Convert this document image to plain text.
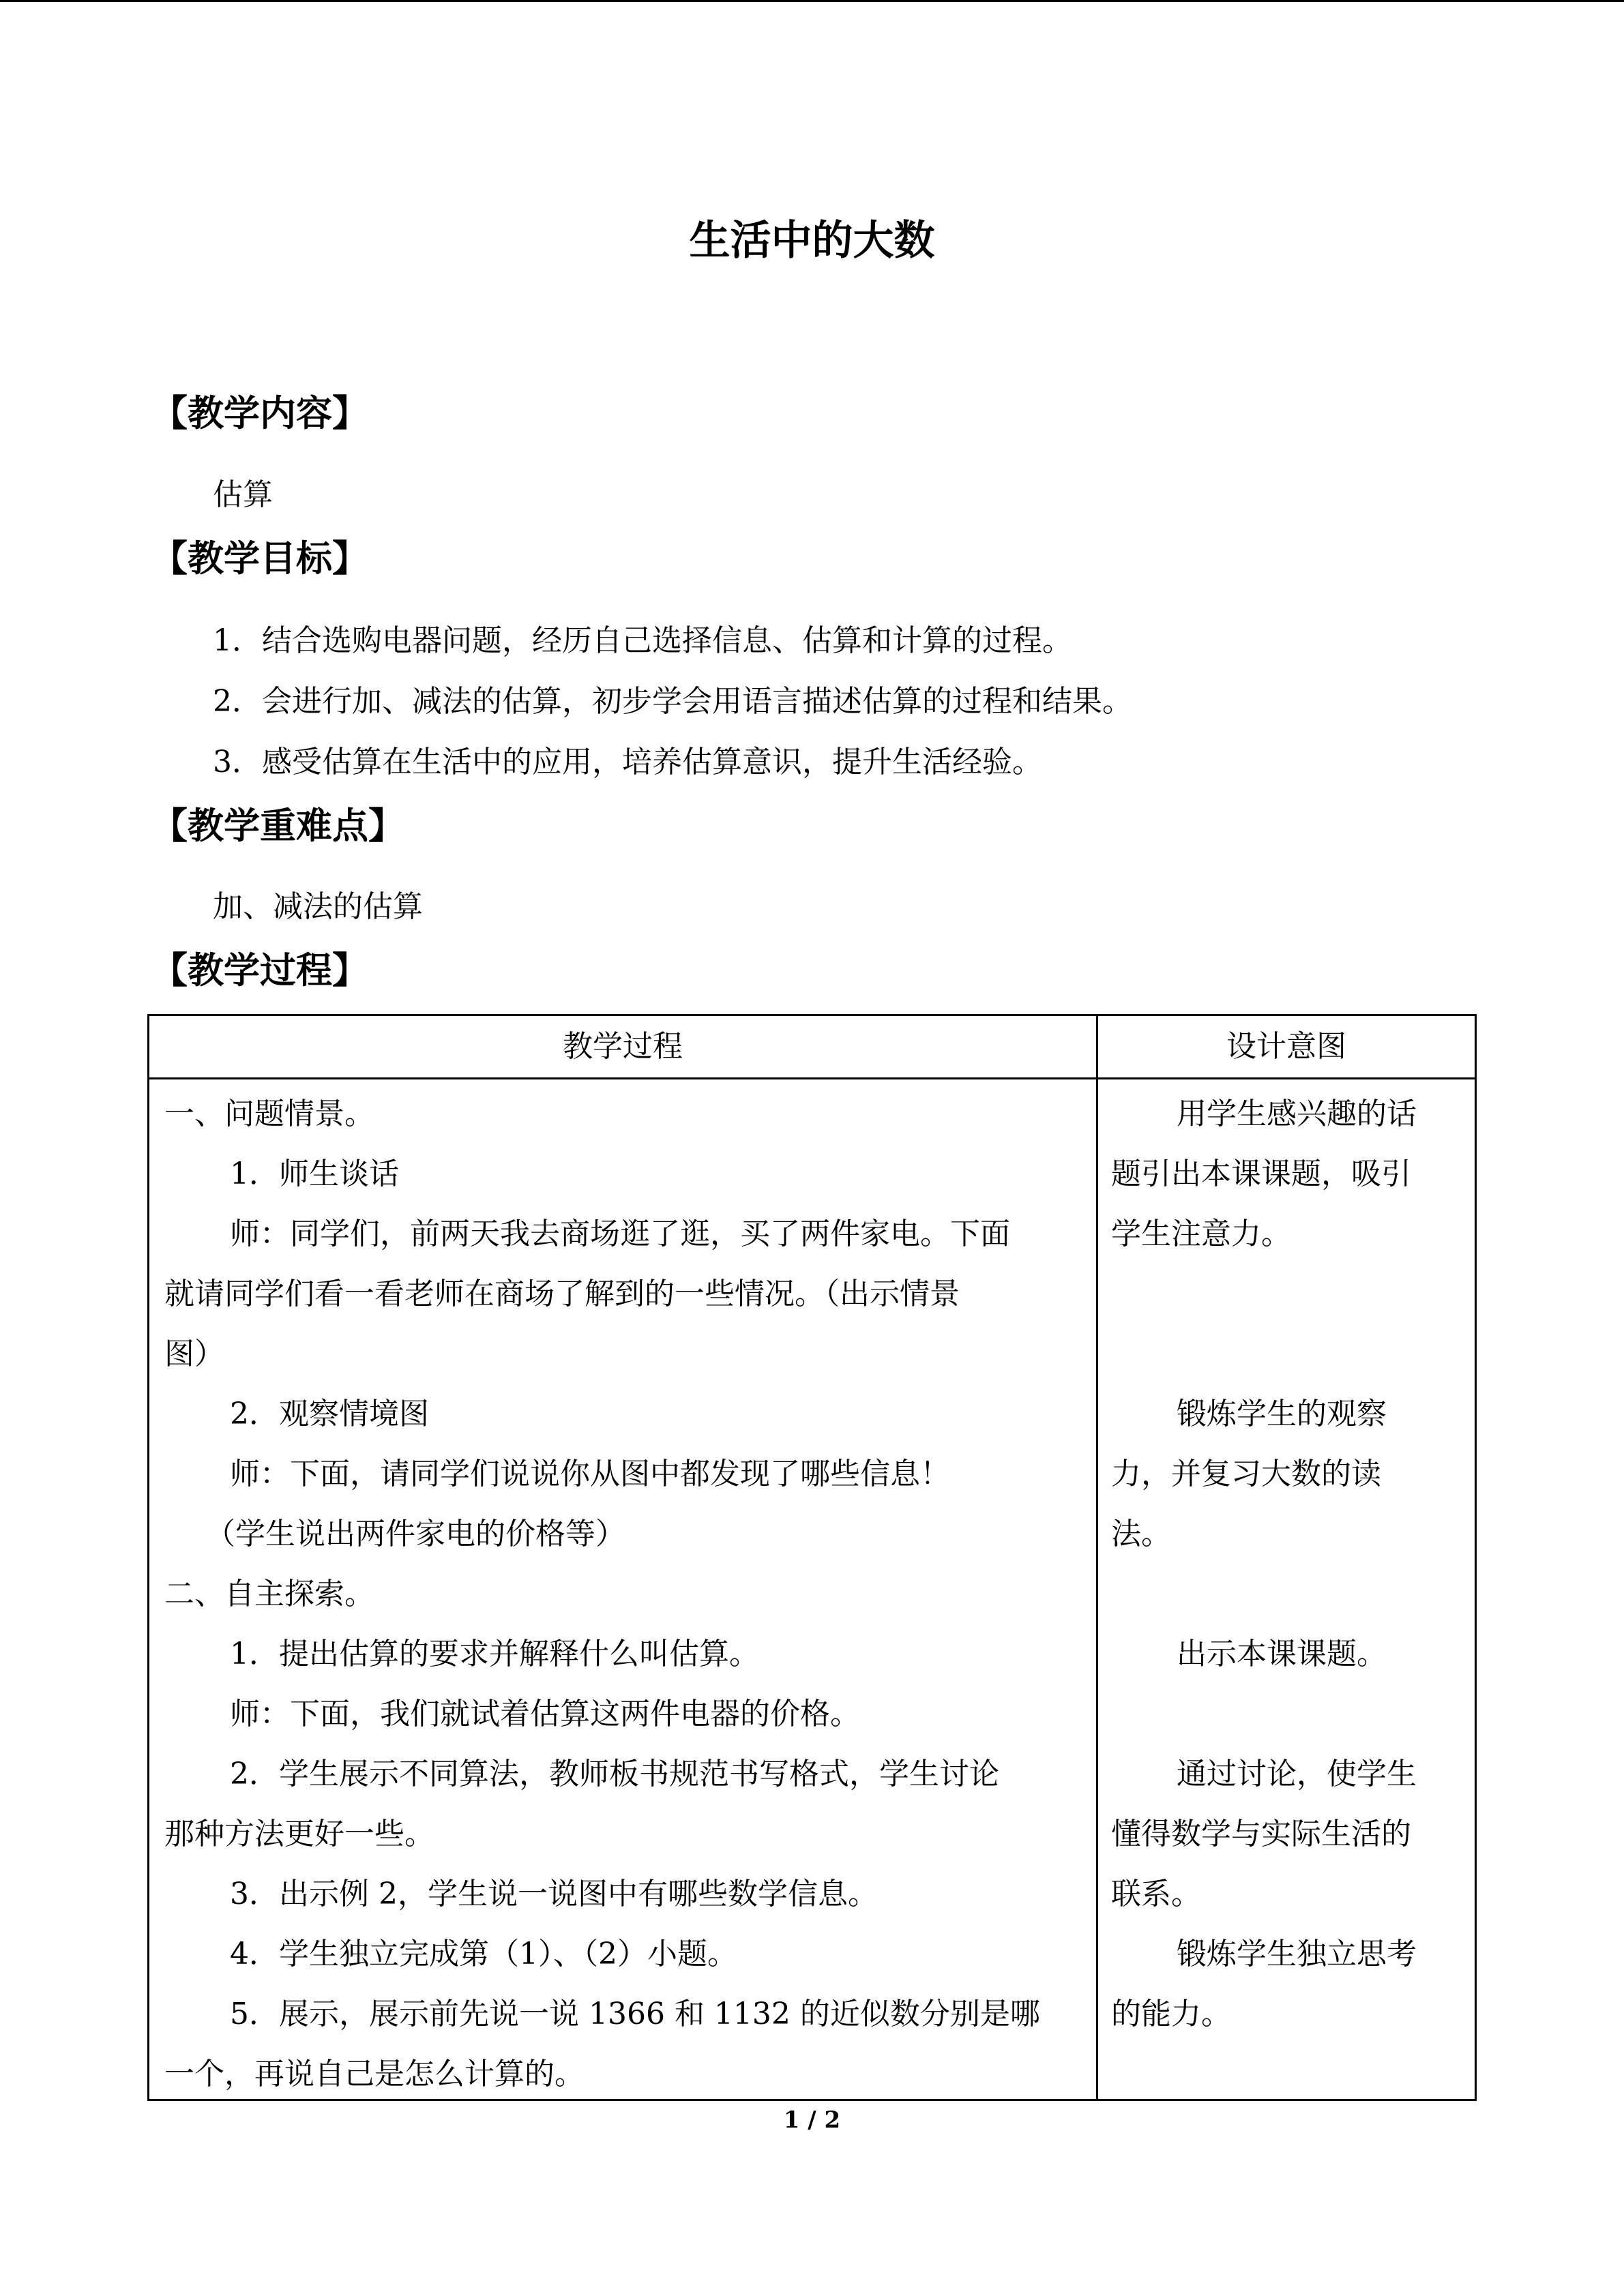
生活中的大数
【教学内容】

估算

【教学目标】

1．结合选购电器问题，经历自己选择信息、估算和计算的过程。

2．会进行加、减法的估算，初步学会用语言描述估算的过程和结果。

3．感受估算在生活中的应用，培养估算意识，提升生活经验。

【教学重难点】

加、减法的估算

【教学过程】
教学过程	设计意图
一、问题情景。
1．师生谈话
师：同学们，前两天我去商场逛了逛，买了两件家电。下面
就请同学们看一看老师在商场了解到的一些情况。（出示情景
图）
2．观察情境图
师：下面，请同学们说说你从图中都发现了哪些信息！
（学生说出两件家电的价格等）
二、自主探索。
1．提出估算的要求并解释什么叫估算。
师：下面，我们就试着估算这两件电器的价格。
2．学生展示不同算法，教师板书规范书写格式，学生讨论
那种方法更好一些。
3．出示例 2，学生说一说图中有哪些数学信息。
4．学生独立完成第（1）、（2）小题。
5．展示，展示前先说一说 1366 和 1132 的近似数分别是哪
一个，再说自己是怎么计算的。
用学生感兴趣的话
题引出本课课题，吸引
学生注意力。
锻炼学生的观察
力，并复习大数的读
法。
出示本课课题。
通过讨论，使学生
懂得数学与实际生活的
联系。
锻炼学生独立思考
的能力。
1 / 2
